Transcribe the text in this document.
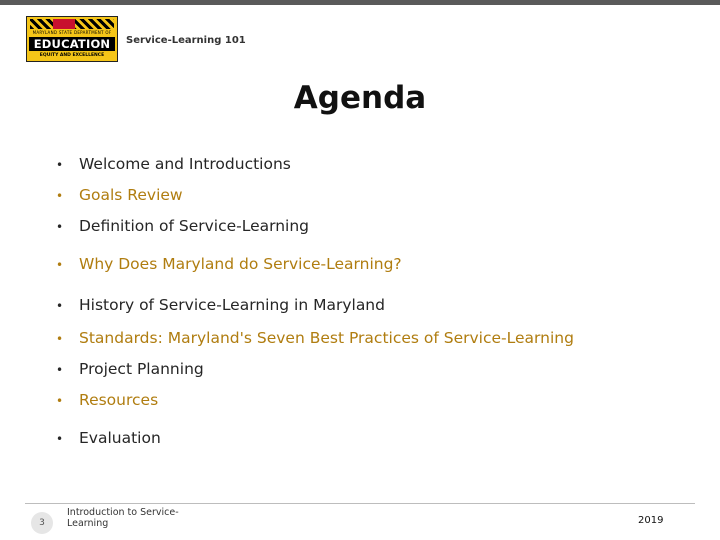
MARYLAND STATE DEPARTMENT OF
EDUCATION
EQUITY AND EXCELLENCE
Service-Learning 101
Agenda
• Welcome and Introductions
• Goals Review
• Definition of Service-Learning
• Why Does Maryland do Service-Learning?
• History of Service-Learning in Maryland
• Standards: Maryland's Seven Best Practices of Service-Learning
• Project Planning
• Resources
• Evaluation
3
Introduction to Service-Learning	2019
